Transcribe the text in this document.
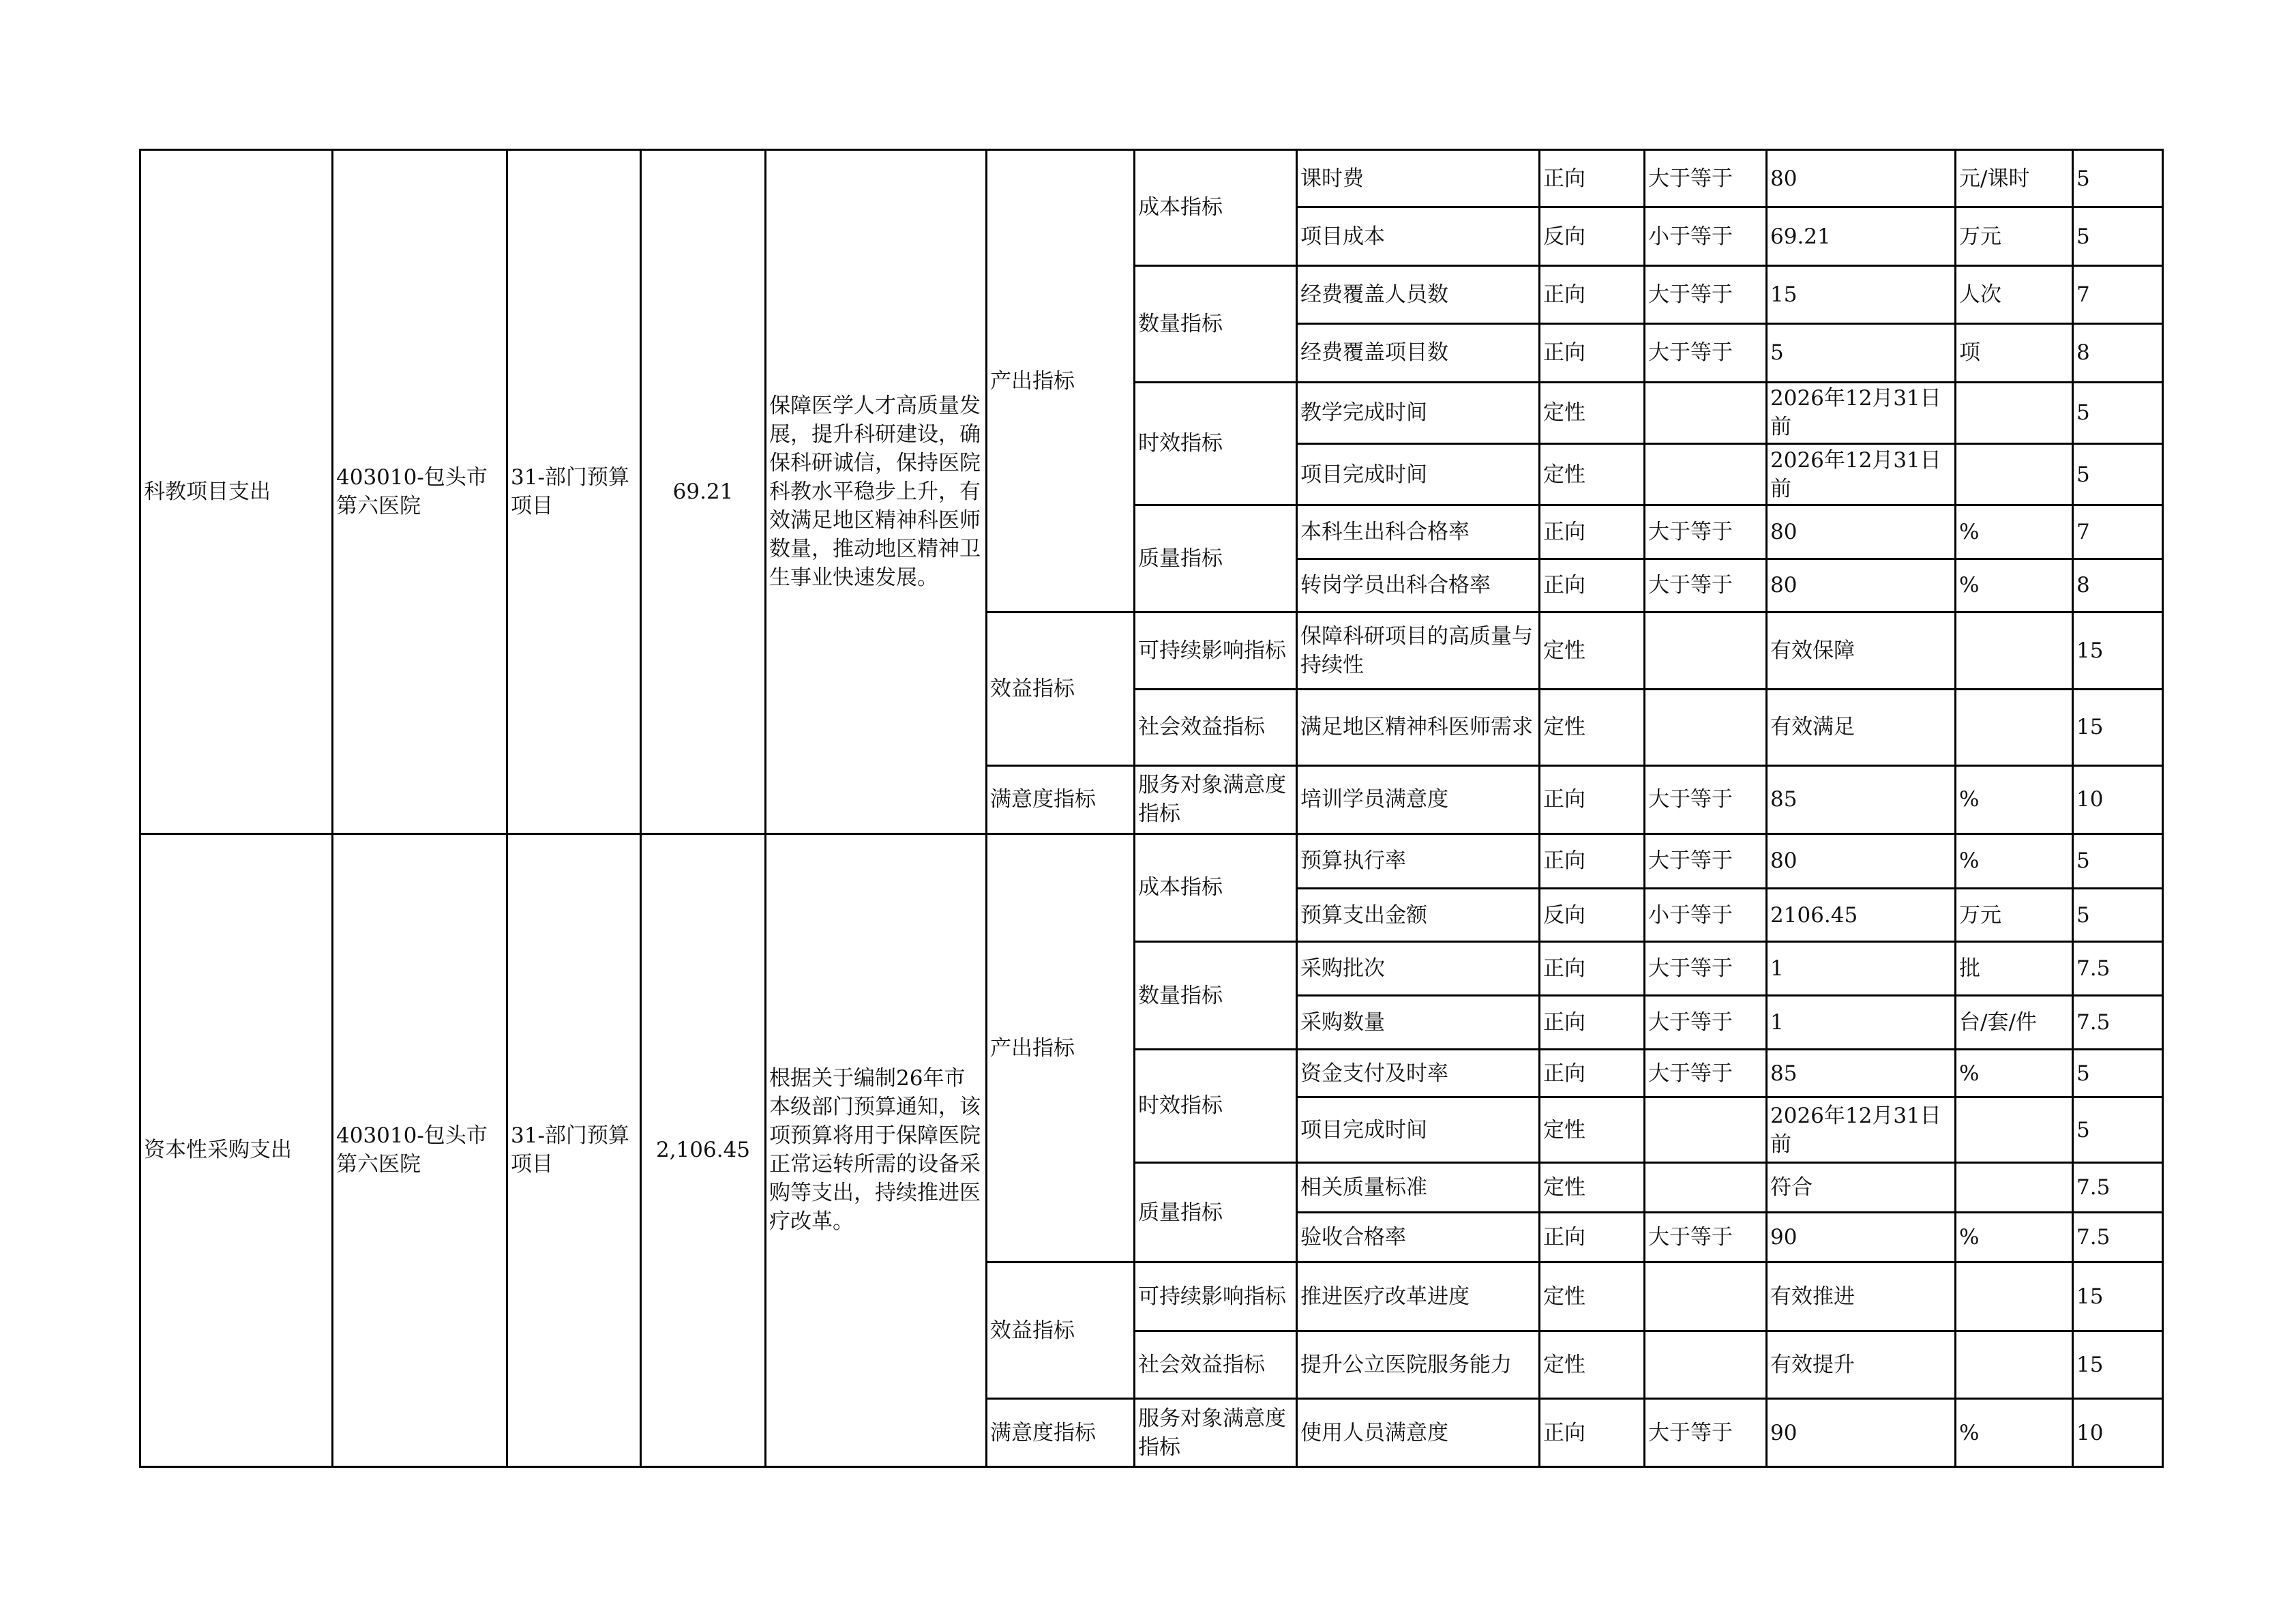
科教项目支出	403010-包头市第六医院	31-部门预算项目	69.21	保障医学人才高质量发展，提升科研建设，确保科研诚信，保持医院科教水平稳步上升，有效满足地区精神科医师数量，推动地区精神卫生事业快速发展。	产出指标	成本指标	课时费	正向	大于等于	80	元/课时	5
							项目成本	反向	小于等于	69.21	万元	5
						数量指标	经费覆盖人员数	正向	大于等于	15	人次	7
							经费覆盖项目数	正向	大于等于	5	项	8
						时效指标	教学完成时间	定性		2026年12月31日前		5
							项目完成时间	定性		2026年12月31日前		5
						质量指标	本科生出科合格率	正向	大于等于	80	%	7
							转岗学员出科合格率	正向	大于等于	80	%	8
					效益指标	可持续影响指标	保障科研项目的高质量与持续性	定性		有效保障		15
						社会效益指标	满足地区精神科医师需求	定性		有效满足		15
					满意度指标	服务对象满意度指标	培训学员满意度	正向	大于等于	85	%	10
资本性采购支出	403010-包头市第六医院	31-部门预算项目	2,106.45	根据关于编制26年市本级部门预算通知，该项预算将用于保障医院正常运转所需的设备采购等支出，持续推进医疗改革。	产出指标	成本指标	预算执行率	正向	大于等于	80	%	5
							预算支出金额	反向	小于等于	2106.45	万元	5
						数量指标	采购批次	正向	大于等于	1	批	7.5
							采购数量	正向	大于等于	1	台/套/件	7.5
						时效指标	资金支付及时率	正向	大于等于	85	%	5
							项目完成时间	定性		2026年12月31日前		5
						质量指标	相关质量标准	定性		符合		7.5
							验收合格率	正向	大于等于	90	%	7.5
					效益指标	可持续影响指标	推进医疗改革进度	定性		有效推进		15
						社会效益指标	提升公立医院服务能力	定性		有效提升		15
					满意度指标	服务对象满意度指标	使用人员满意度	正向	大于等于	90	%	10
